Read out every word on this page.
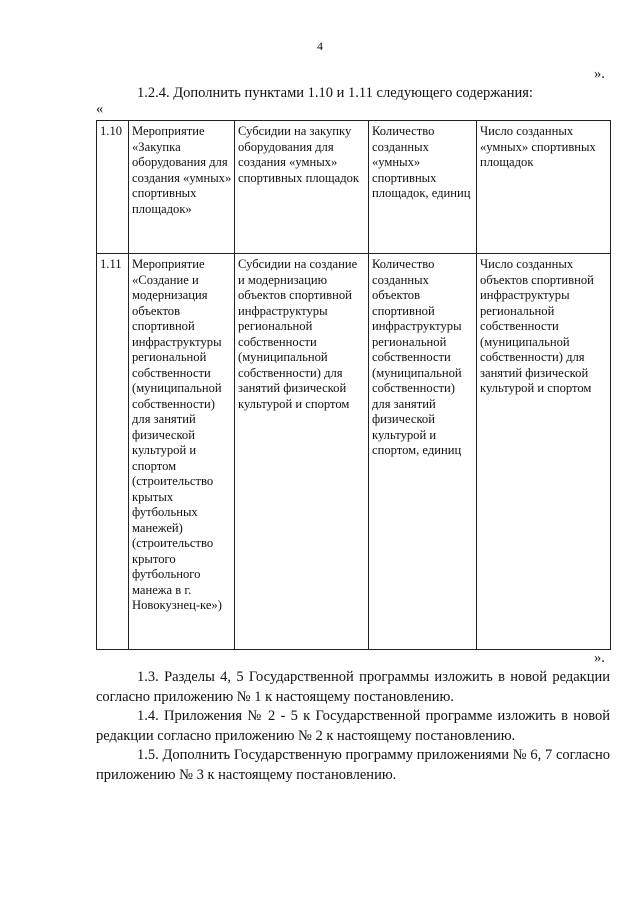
4
».
1.2.4. Дополнить пунктами 1.10 и 1.11 следующего содержания:
«
1.10	Мероприятие «Закупка оборудования для создания «умных» спортивных площадок»	Субсидии на закупку оборудования для создания «умных» спортивных площадок	Количество созданных «умных» спортивных площадок, единиц	Число созданных «умных» спортивных площадок
1.11	Мероприятие «Создание и модернизация объектов спортивной инфраструктуры региональной собственности (муниципальной собственности) для занятий физической культурой и спортом (строительство крытых футбольных манежей) (строительство крытого футбольного манежа в г. Новокузнец-ке»)	Субсидии на создание и модернизацию объектов спортивной инфраструктуры региональной собственности (муниципальной собственности) для занятий физической культурой и спортом	Количество созданных объектов спортивной инфраструктуры региональной собственности (муниципальной собственности) для занятий физической культурой и спортом, единиц	Число созданных объектов спортивной инфраструктуры региональной собственности (муниципальной собственности) для занятий физической культурой и спортом
».
1.3. Разделы 4, 5 Государственной программы изложить в новой редакции согласно приложению № 1 к настоящему постановлению.
1.4. Приложения № 2 - 5 к Государственной программе изложить в новой редакции согласно приложению № 2 к настоящему постановлению.
1.5. Дополнить Государственную программу приложениями № 6, 7 согласно приложению № 3 к настоящему постановлению.
